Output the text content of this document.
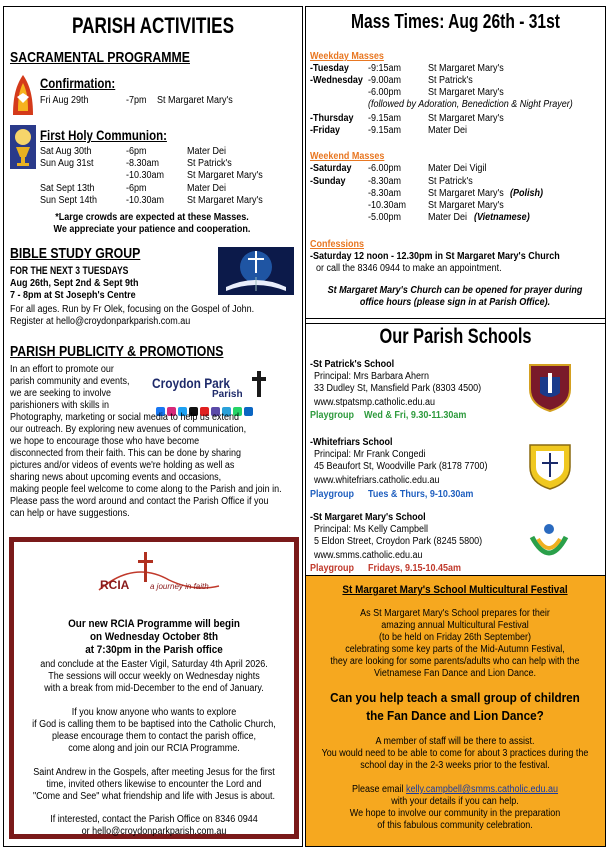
PARISH ACTIVITIES
SACRAMENTAL PROGRAMME
Confirmation:
Fri Aug 29th	-7pm St Margaret Mary's
First Holy Communion:
Sat Aug 30th	-6pm	Mater Dei
Sun Aug 31st	-8.30am	St Patrick's
-10.30am St Margaret Mary's
Sat Sept 13th	-6pm	Mater Dei
Sun Sept 14th	-10.30am St Margaret Mary's
*Large crowds are expected at these Masses.
We appreciate your patience and cooperation.
BIBLE STUDY GROUP
FOR THE NEXT 3 TUESDAYS
Aug 26th, Sept 2nd & Sept 9th
7 - 8pm at St Joseph's Centre
For all ages. Run by Fr Olek, focusing on the Gospel of John.
Register at hello@croydonparkparish.com.au
PARISH PUBLICITY & PROMOTIONS
Croydon Park
Parish
In an effort to promote our
parish community and events,
we are seeking to involve
parishioners with skills in
Photography, marketing or social media to help us extend
our outreach. By exploring new avenues of communication,
we hope to encourage those who have become
disconnected from their faith. This can be done by sharing
pictures and/or videos of events we're holding as well as
sharing news about upcoming events and occasions,
making people feel welcome to come along to the Parish and join in.
Please pass the word around and contact the Parish Office if you
can help or have suggestions.
RCIA	a journey in faith
Our new RCIA Programme will begin
on Wednesday October 8th
at 7:30pm in the Parish office
and conclude at the Easter Vigil, Saturday 4th April 2026.
The sessions will occur weekly on Wednesday nights
with a break from mid-December to the end of January.
If you know anyone who wants to explore
if God is calling them to be baptised into the Catholic Church,
please encourage them to contact the parish office,
come along and join our RCIA Programme.
Saint Andrew in the Gospels, after meeting Jesus for the first
time, invited others likewise to encounter the Lord and
"Come and See" what friendship and life with Jesus is about.
If interested, contact the Parish Office on 8346 0944
or hello@croydonparkparish.com.au
Mass Times: Aug 26th - 31st
Weekday Masses
-Tuesday -9:15am	St Margaret Mary's
-Wednesday -9.00am	St Patrick's
-6.00pm	St Margaret Mary's
(followed by Adoration, Benediction & Night Prayer)
-Thursday -9.15am	St Margaret Mary's
-Friday	-9.15am	Mater Dei
Weekend Masses
-Saturday -6.00pm	Mater Dei Vigil
-Sunday -8.30am	St Patrick's
-8.30am	St Margaret Mary's (Polish)
-10.30am St Margaret Mary's
-5.00pm	Mater Dei (Vietnamese)
Confessions
-Saturday 12 noon - 12.30pm in St Margaret Mary's Church
or call the 8346 0944 to make an appointment.
St Margaret Mary's Church can be opened for prayer during
office hours (please sign in at Parish Office).
Our Parish Schools
-St Patrick's School
Principal: Mrs Barbara Ahern
33 Dudley St, Mansfield Park (8303 4500)
www.stpatsmp.catholic.edu.au
Playgroup Wed & Fri, 9.30-11.30am
-Whitefriars School
Principal: Mr Frank Congedi
45 Beaufort St, Woodville Park (8178 7700)
www.whitefriars.catholic.edu.au
Playgroup Tues & Thurs, 9-10.30am
-St Margaret Mary's School
Principal: Ms Kelly Campbell
5 Eldon Street, Croydon Park (8245 5800)
www.smms.catholic.edu.au
Playgroup Fridays, 9.15-10.45am
St Margaret Mary's School Multicultural Festival
As St Margaret Mary's School prepares for their
amazing annual Multicultural Festival
(to be held on Friday 26th September)
celebrating some key parts of the Mid-Autumn Festival,
they are looking for some parents/adults who can help with the
Vietnamese Fan Dance and Lion Dance.
Can you help teach a small group of children
the Fan Dance and Lion Dance?
A member of staff will be there to assist.
You would need to be able to come for about 3 practices during the
school day in the 2-3 weeks prior to the festival.
Please email kelly.campbell@smms.catholic.edu.au
with your details if you can help.
We hope to involve our community in the preparation
of this fabulous community celebration.
